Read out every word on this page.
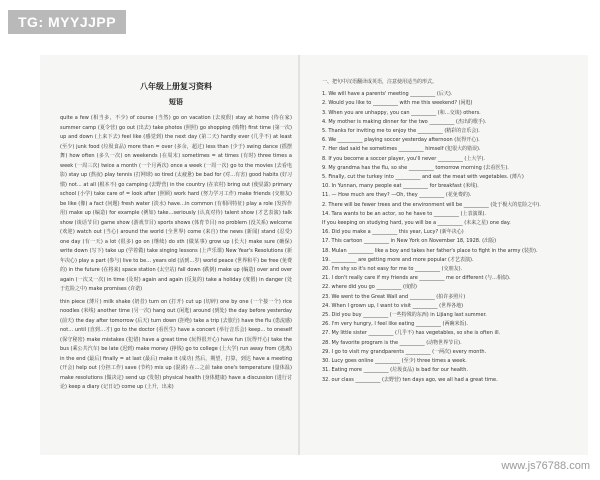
TG: MYYJJPP
八年级上册复习资料
短语
quite a few (相当多，不少) of course (当然) go on vacation (去度假) stay at home (待在家) summer camp (夏令营) go out (出去) take photos (照照) go shopping (购物) first time (第一次) up and down (上来下去) feel like (感觉到) the next day (第二天) hardly ever (几乎不) at least (至少) junk food (垃圾食品) more than = over (多余，超过) less than (少于) swing dance (摇摆舞) how often (多久一次) on weekends (在周末) sometimes = at times (有时) three times a week (一周三次) twice a month (一个月两次) once a week (一周一次) go to the movies (去看电影) stay up (熬夜) play tennis (打网球) so tired (太疲惫) be bad for (对…有害) good habits (好习惯) not… at all (根本不) go camping (去野营) in the country (在农村) bring out (使显露) primary school (小学) take care of = look after (照顾) work hard (努力学习工作) make friends (交朋友) be like (像) a fact (问题) fresh water (淡水) have…in common (有相同特征) play a role (发挥作用) make up (编造) for example (例如) take…seriously (认真对待) talent show (才艺表演) talk show (谈话节目) game show (游戏节目) sports shows (体育节目) no problem (没关系) welcome (欢迎) watch out (当心) around the world (全世界) come (来自) the news (新闻) stand (忍受) one day (有一天) a lot (很多) go on (继续) do sth (做某事) grow up (长大) make sure (确保) write down (写下) take up (学着做) take singing lessons (上声乐课) New Year's Resolutions (新年决心) play a part (参与) live to be… years old (活到…岁) world peace (世界和平) be free (免费的) in the future (在将来) space station (太空站) fall down (跌倒) make up (编造) over and over again (一次又一次) in time (及时) again and again (反复的) take a holiday (度假) in danger (处于危险之中) make promises (许诺)
thin piece (薄片) milk shake (奶昔) turn on (打开) cut up (切碎) one by one (一个接一个) rice noodles (米线) another time (另一次) hang out (闲逛) around (到处) the day before yesterday (前天) the day after tomorrow (后天) turn down (拒绝) take a trip (去旅行) have the flu (患流感) not… until (直到…才) go to the doctor (看医生) have a concert (举行音乐会) keep… to oneself (保守秘密) make mistakes (犯错) have a great time (玩得很开心) have fun (玩得开心) take the bus (乘公共汽车) be late (迟到) make money (挣钱) go to college (上大学) run away from (逃离) in the end (最后) finally = at last (最后) make it (成功) 然后，期望，打算，到达 have a meeting (开会) help out (分担工作) save (节约) mix up (混淆) 在…之前 take one's temperature (量体温) make resolutions (做决定) send up (发射) physical health (身体健康) have a discussion (进行讨论) keep a diary (记日记) come up (上升，出来)
一、把句中汉语翻译成英语，注意使用适当的形式。
1. We will have a parents' meeting __________ (后天).
2. Would you like to __________ with me this weekend? (闲逛)
3. When you are unhappy, you can __________ (和…交谈) others.
4. My mother is making dinner for the two __________ (杰出的歌手).
5. Thanks for inviting me to enjoy the __________ (精彩的音乐会).
6. We __________ playing soccer yesterday afternoon (玩得开心).
7. Her dad said he sometimes __________ himself (犯很大的错误).
8. If you become a soccer player, you'll never __________ (上大学).
9. My grandma has the flu, so she __________ tomorrow morning (去看医生).
5. Finally, cut the turkey into __________ and eat the meat with vegetables. (薄片)
10. In Yunnan, many people eat __________ for breakfast (米线).
11. — How much are they? —Oh, they __________ (花免费的).
2. There will be fewer trees and the environment will be __________ (处于极大的危险之中).
14. Tara wants to be an actor, so he have to __________ (上表演课).
If you keeping on studying hard, you will be a __________ (未来之星) one day.
16. Did you make a __________ this year, Lucy? (新年决心)
17. This cartoon __________ in New York on November 18, 1928. (出版)
18. Mulan __________ like a boy and takes her father's place to fight in the army (装扮).
19. __________ are getting more and more popular (才艺表演).
20. I'm shy so it's not easy for me to __________ (交朋友).
21. I don't really care if my friends are __________ me or different (与…相似).
22. where did you go __________ (度假)
23. We went to the Great Wall and __________ (拍许多照片)
24. When I grown up, I want to visit __________ (世界各地)
25. Did you buy __________ (一些特殊的东西) in Lijiang last summer.
26. I'm very hungry, I feel like eating __________ (两碗米饭).
27. My little sister __________ (几乎不) has vegetables, so she is often ill.
28. My favorite program is the __________ (动物世界节目).
29. I go to visit my grandparents __________ (一两次) every month.
30. Lucy goes online __________ (至少) three times a week.
31. Eating more __________ (垃圾食品) is bad for our health.
32. our class __________ (去野营) ten days ago, we all had a great time.
www.js76788.com
